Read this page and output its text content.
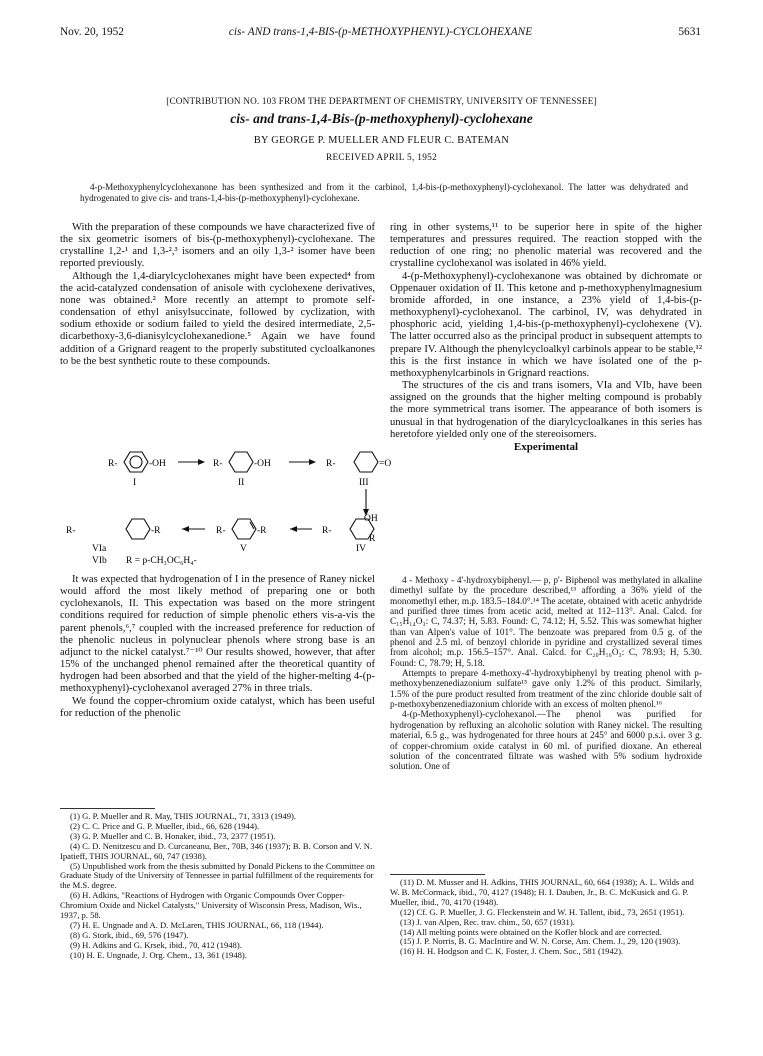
Nov. 20, 1952	cis- AND trans-1,4-BIS-(p-METHOXYPHENYL)-CYCLOHEXANE	5631
[CONTRIBUTION NO. 103 FROM THE DEPARTMENT OF CHEMISTRY, UNIVERSITY OF TENNESSEE]
cis- and trans-1,4-Bis-(p-methoxyphenyl)-cyclohexane
BY GEORGE P. MUELLER AND FLEUR C. BATEMAN
RECEIVED APRIL 5, 1952
4-p-Methoxyphenylcyclohexanone has been synthesized and from it the carbinol, 1,4-bis-(p-methoxyphenyl)-cyclohexanol. The latter was dehydrated and hydrogenated to give cis- and trans-1,4-bis-(p-methoxyphenyl)-cyclohexane.

With the preparation of these compounds we have characterized five of the six geometric isomers of bis-(p-methoxyphenyl)-cyclohexane. The crystalline 1,2-¹ and 1,3-²,³ isomers and an oily 1,3-² isomer have been reported previously.

Although the 1,4-diarylcyclohexanes might have been expected⁴ from the acid-catalyzed condensation of anisole with cyclohexene derivatives, none was obtained.² More recently an attempt to promote self-condensation of ethyl anisylsuccinate, followed by cyclization, with sodium ethoxide or sodium failed to yield the desired intermediate, 2,5-dicarbethoxy-3,6-dianisylcyclohexanedione.⁵ Again we have found addition of a Grignard reagent to the properly substituted cycloalkanones to be the best synthetic route to these compounds.

R-	-OH	R-	-OH	R-	=O
I	II	III
R-	-R	R-	-R	R-
OH
R
VIa
VIb
V	IV
R = p-CH₃OC₆H₄-

It was expected that hydrogenation of I in the presence of Raney nickel would afford the most likely method of preparing one or both cyclohexanols, II. This expectation was based on the more stringent conditions required for reduction of simple phenolic ethers vis-a-vis the parent phenols,⁶,⁷ coupled with the increased preference for reduction of the phenolic nucleus in polynuclear phenols where strong base is an adjunct to the nickel catalyst.⁷⁻¹⁰ Our results showed, however, that after 15% of the unchanged phenol remained after the theoretical quantity of hydrogen had been absorbed and that the yield of the higher-melting 4-(p-methoxyphenyl)-cyclohexanol averaged 27% in three trials.

We found the copper-chromium oxide catalyst, which has been useful for reduction of the phenolic

ring in other systems,¹¹ to be superior here in spite of the higher temperatures and pressures required. The reaction stopped with the reduction of one ring; no phenolic material was recovered and the crystalline cyclohexanol was isolated in 46% yield.

4-(p-Methoxyphenyl)-cyclohexanone was obtained by dichromate or Oppenauer oxidation of II. This ketone and p-methoxyphenylmagnesium bromide afforded, in one instance, a 23% yield of 1,4-bis-(p-methoxyphenyl)-cyclohexanol. The carbinol, IV, was dehydrated in phosphoric acid, yielding 1,4-bis-(p-methoxyphenyl)-cyclohexene (V). The latter occurred also as the principal product in subsequent attempts to prepare IV. Although the phenylcycloalkyl carbinols appear to be stable,¹² this is the first instance in which we have isolated one of the p-methoxyphenylcarbinols in Grignard reactions.

The structures of the cis and trans isomers, VIa and VIb, have been assigned on the grounds that the higher melting compound is probably the more symmetrical trans isomer. The appearance of both isomers is unusual in that hydrogenation of the diarylcycloalkanes in this series has heretofore yielded only one of the stereoisomers.

Experimental

4 - Methoxy - 4'-hydroxybiphenyl.— p, p'- Biphenol was methylated in alkaline dimethyl sulfate by the procedure described,¹³ affording a 36% yield of the monomethyl ether, m.p. 183.5–184.0°.¹⁴ The acetate, obtained with acetic anhydride and purified three times from acetic acid, melted at 112–113°. Anal. Calcd. for C₁₅H₁₄O₃: C, 74.37; H, 5.83. Found: C, 74.12; H, 5.52. This was somewhat higher than van Alpen's value of 101°. The benzoate was prepared from 0.5 g. of the phenol and 2.5 ml. of benzoyl chloride in pyridine and crystallized several times from alcohol; m.p. 156.5–157°. Anal. Calcd. for C₂₀H₁₆O₃: C, 78.93; H, 5.30. Found: C, 78.79; H, 5.18.

Attempts to prepare 4-methoxy-4'-hydroxybiphenyl by treating phenol with p-methoxybenzenediazonium sulfate¹⁵ gave only 1.2% of this product. Similarly, 1.5% of the pure product resulted from treatment of the zinc chloride double salt of p-methoxybenzenediazonium chloride with an excess of molten phenol.¹⁶

4-(p-Methoxyphenyl)-cyclohexanol.—The phenol was purified for hydrogenation by refluxing an alcoholic solution with Raney nickel. The resulting material, 6.5 g., was hydrogenated for three hours at 245° and 6000 p.s.i. over 3 g. of copper-chromium oxide catalyst in 60 ml. of purified dioxane. An ethereal solution of the concentrated filtrate was washed with 5% sodium hydroxide solution. One of

(1) G. P. Mueller and R. May, THIS JOURNAL, 71, 3313 (1949).

(2) C. C. Price and G. P. Mueller, ibid., 66, 628 (1944).

(3) G. P. Mueller and C. B. Honaker, ibid., 73, 2377 (1951).

(4) C. D. Nenitzescu and D. Curcaneanu, Ber., 70B, 346 (1937); B. B. Corson and V. N. Ipatieff, THIS JOURNAL, 60, 747 (1938).

(5) Unpublished work from the thesis submitted by Donald Pickens to the Committee on Graduate Study of the University of Tennessee in partial fulfillment of the requirements for the M.S. degree.

(6) H. Adkins, "Reactions of Hydrogen with Organic Compounds Over Copper-Chromium Oxide and Nickel Catalysts," University of Wisconsin Press, Madison, Wis., 1937, p. 58.

(7) H. E. Ungnade and A. D. McLaren, THIS JOURNAL, 66, 118 (1944).

(8) G. Stork, ibid., 69, 576 (1947).

(9) H. Adkins and G. Krsek, ibid., 70, 412 (1948).

(10) H. E. Ungnade, J. Org. Chem., 13, 361 (1948).

(11) D. M. Musser and H. Adkins, THIS JOURNAL, 60, 664 (1938); A. L. Wilds and W. B. McCormack, ibid., 70, 4127 (1948); H. I. Dauben, Jr., B. C. McKusick and G. P. Mueller, ibid., 70, 4170 (1948).

(12) Cf. G. P. Mueller, J. G. Fleckenstein and W. H. Tallent, ibid., 73, 2651 (1951).

(13) J. van Alpen, Rec. trav. chim., 50, 657 (1931).

(14) All melting points were obtained on the Kofler block and are corrected.

(15) J. P. Norris, B. G. MacIntire and W. N. Corse, Am. Chem. J., 29, 120 (1903).

(16) H. H. Hodgson and C. K. Foster, J. Chem. Soc., 581 (1942).
